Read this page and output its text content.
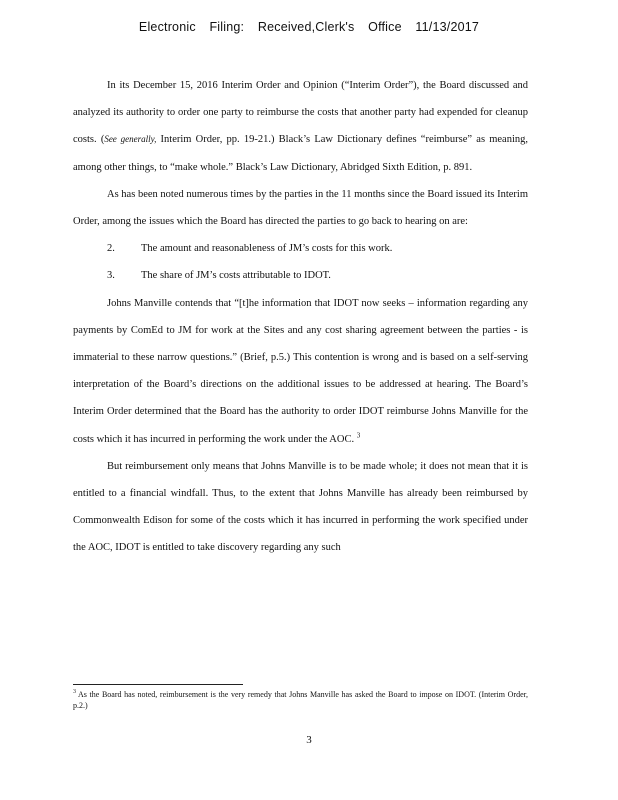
Electronic Filing: Received,Clerk's Office 11/13/2017

In its December 15, 2016 Interim Order and Opinion (“Interim Order”), the Board discussed and analyzed its authority to order one party to reimburse the costs that another party had expended for cleanup costs. (See generally, Interim Order, pp. 19-21.) Black’s Law Dictionary defines “reimburse” as meaning, among other things, to “make whole.” Black’s Law Dictionary, Abridged Sixth Edition, p. 891.

As has been noted numerous times by the parties in the 11 months since the Board issued its Interim Order, among the issues which the Board has directed the parties to go back to hearing on are:

2. The amount and reasonableness of JM’s costs for this work.

3. The share of JM’s costs attributable to IDOT.

Johns Manville contends that “[t]he information that IDOT now seeks – information regarding any payments by ComEd to JM for work at the Sites and any cost sharing agreement between the parties - is immaterial to these narrow questions.” (Brief, p.5.) This contention is wrong and is based on a self-serving interpretation of the Board’s directions on the additional issues to be addressed at hearing. The Board’s Interim Order determined that the Board has the authority to order IDOT reimburse Johns Manville for the costs which it has incurred in performing the work under the AOC. $^3$

But reimbursement only means that Johns Manville is to be made whole; it does not mean that it is entitled to a financial windfall. Thus, to the extent that Johns Manville has already been reimbursed by Commonwealth Edison for some of the costs which it has incurred in performing the work specified under the AOC, IDOT is entitled to take discovery regarding any such

$^3$ As the Board has noted, reimbursement is the very remedy that Johns Manville has asked the Board to impose on IDOT. (Interim Order, p.2.)
3
